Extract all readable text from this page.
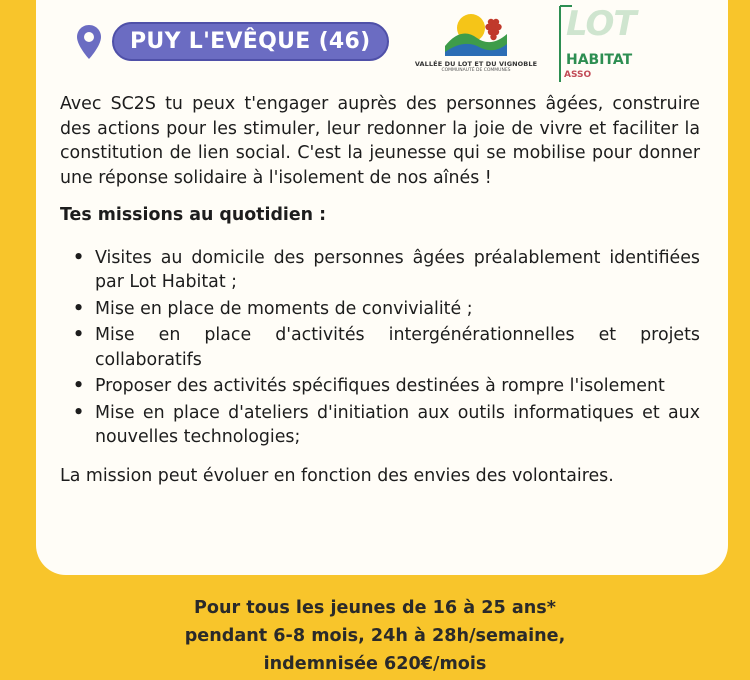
PUY L'EVÊQUE (46)
VALLÉE DU LOT ET DU VIGNOBLE
COMMUNAUTÉ DE COMMUNES
LOT
HABITAT
ASSO

Avec SC2S tu peux t'engager auprès des personnes âgées, construire des actions pour les stimuler, leur redonner la joie de vivre et faciliter la constitution de lien social. C'est la jeunesse qui se mobilise pour donner une réponse solidaire à l'isolement de nos aînés !

Tes missions au quotidien :
• Visites au domicile des personnes âgées préalablement identifiées par Lot Habitat ;
• Mise en place de moments de convivialité ;
• Mise en place d'activités intergénérationnelles et projets collaboratifs
• Proposer des activités spécifiques destinées à rompre l'isolement
• Mise en place d'ateliers d'initiation aux outils informatiques et aux nouvelles technologies;

La mission peut évoluer en fonction des envies des volontaires.

Pour tous les jeunes de 16 à 25 ans*
pendant 6-8 mois, 24h à 28h/semaine,
indemnisée 620€/mois
